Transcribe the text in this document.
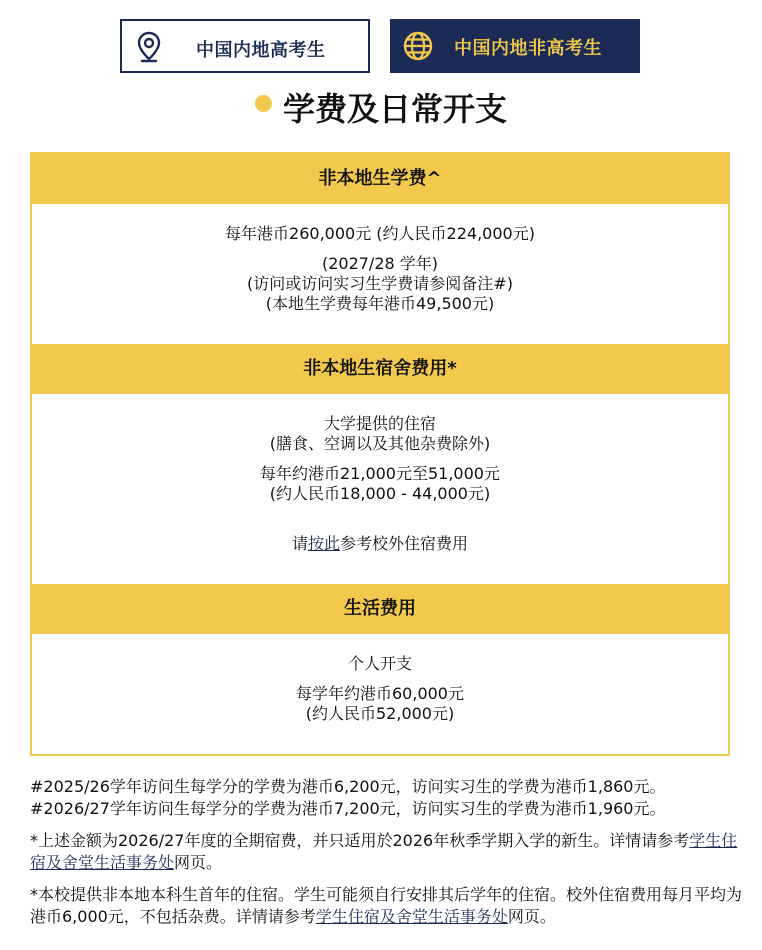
中国内地高考生	中国内地非高考生
学费及日常开支
非本地生学费^
每年港币260,000元 (约人民币224,000元)
(2027/28 学年)
(访问或访问实习生学费请参阅备注#)
(本地生学费每年港币49,500元)
非本地生宿舍费用*
大学提供的住宿
(膳食、空调以及其他杂费除外)
每年约港币21,000元至51,000元
(约人民币18,000 - 44,000元)
请按此参考校外住宿费用
生活费用
个人开支
每学年约港币60,000元
(约人民币52,000元)

#2025/26学年访问生每学分的学费为港币6,200元，访问实习生的学费为港币1,860元。

#2026/27学年访问生每学分的学费为港币7,200元，访问实习生的学费为港币1,960元。

*上述金额为2026/27年度的全期宿费，并只适用於2026年秋季学期入学的新生。详情请参考学生住宿及舍堂生活事务处网页。

*本校提供非本地本科生首年的住宿。学生可能须自行安排其后学年的住宿。校外住宿费用每月平均为港币6,000元，不包括杂费。详情请参考学生住宿及舍堂生活事务处网页。
